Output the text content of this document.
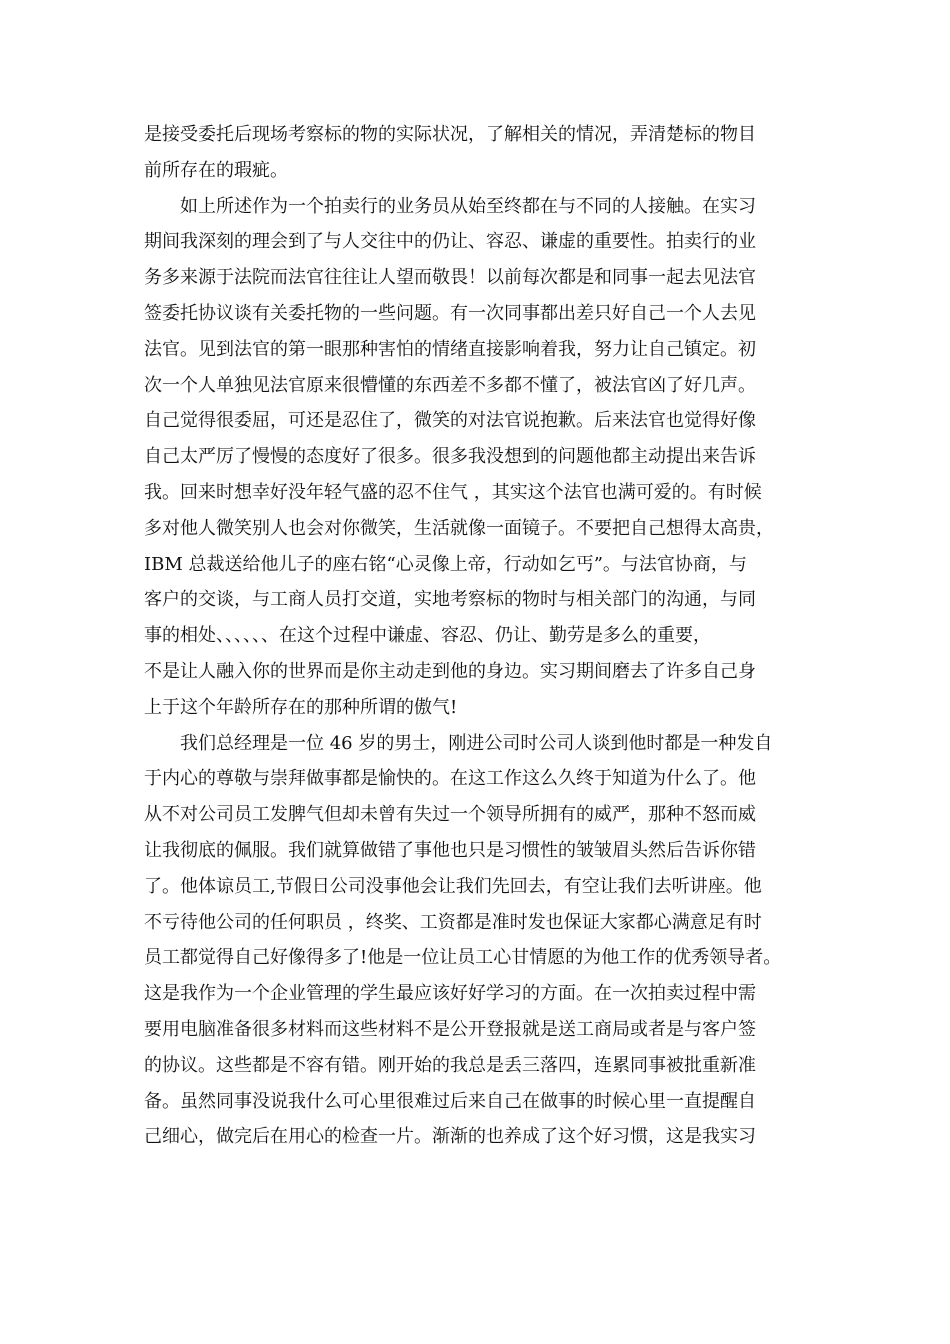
是接受委托后现场考察标的物的实际状况，了解相关的情况，弄清楚标的物目
前所存在的瑕疵。
如上所述作为一个拍卖行的业务员从始至终都在与不同的人接触。在实习
期间我深刻的理会到了与人交往中的仍让、容忍、谦虚的重要性。拍卖行的业
务多来源于法院而法官往往让人望而敬畏！以前每次都是和同事一起去见法官
签委托协议谈有关委托物的一些问题。有一次同事都出差只好自己一个人去见
法官。见到法官的第一眼那种害怕的情绪直接影响着我，努力让自己镇定。初
次一个人单独见法官原来很懵懂的东西差不多都不懂了，被法官凶了好几声。
自己觉得很委屈，可还是忍住了，微笑的对法官说抱歉。后来法官也觉得好像
自己太严厉了慢慢的态度好了很多。很多我没想到的问题他都主动提出来告诉
我。回来时想幸好没年轻气盛的忍不住气 ，其实这个法官也满可爱的。有时候
多对他人微笑别人也会对你微笑，生活就像一面镜子。不要把自己想得太高贵，
IBM 总裁送给他儿子的座右铭“心灵像上帝，行动如乞丐”。与法官协商，与
客户的交谈，与工商人员打交道，实地考察标的物时与相关部门的沟通，与同
事的相处、、、、、、在这个过程中谦虚、容忍、仍让、勤劳是多么的重要，
不是让人融入你的世界而是你主动走到他的身边。实习期间磨去了许多自己身
上于这个年龄所存在的那种所谓的傲气!
我们总经理是一位 46 岁的男士，刚进公司时公司人谈到他时都是一种发自
于内心的尊敬与崇拜做事都是愉快的。在这工作这么久终于知道为什么了。他
从不对公司员工发脾气但却未曾有失过一个领导所拥有的威严，那种不怒而威
让我彻底的佩服。我们就算做错了事他也只是习惯性的皱皱眉头然后告诉你错
了。他体谅员工,节假日公司没事他会让我们先回去，有空让我们去听讲座。他
不亏待他公司的任何职员 ，终奖、工资都是准时发也保证大家都心满意足有时
员工都觉得自己好像得多了!他是一位让员工心甘情愿的为他工作的优秀领导者。
这是我作为一个企业管理的学生最应该好好学习的方面。在一次拍卖过程中需
要用电脑准备很多材料而这些材料不是公开登报就是送工商局或者是与客户签
的协议。这些都是不容有错。刚开始的我总是丢三落四，连累同事被批重新准
备。虽然同事没说我什么可心里很难过后来自己在做事的时候心里一直提醒自
己细心，做完后在用心的检查一片。渐渐的也养成了这个好习惯，这是我实习
